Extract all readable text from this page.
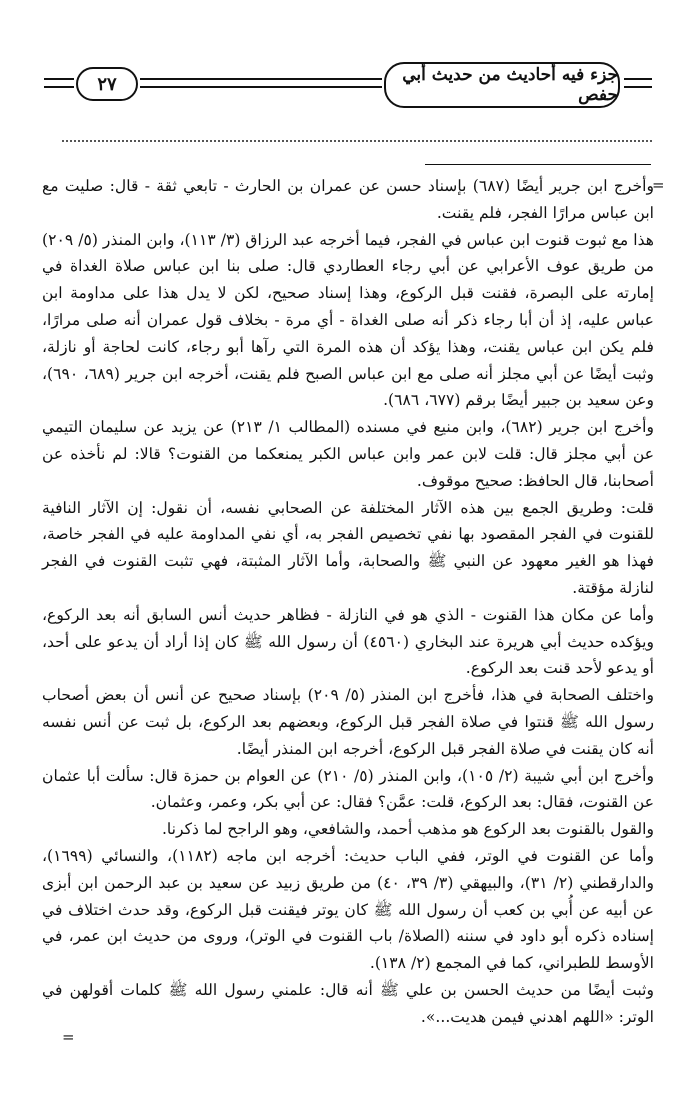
جزء فيه أحاديث من حديث أبي حفص
٢٧
=

وأخرج ابن جرير أيضًا (٦٨٧) بإسناد حسن عن عمران بن الحارث - تابعي ثقة - قال: صليت مع ابن عباس مرارًا الفجر، فلم يقنت.

هذا مع ثبوت قنوت ابن عباس في الفجر، فيما أخرجه عبد الرزاق (٣/ ١١٣)، وابن المنذر (٥/ ٢٠٩) من طريق عوف الأعرابي عن أبي رجاء العطاردي قال: صلى بنا ابن عباس صلاة الغداة في إمارته على البصرة، فقنت قبل الركوع، وهذا إسناد صحيح، لكن لا يدل هذا على مداومة ابن عباس عليه، إذ أن أبا رجاء ذكر أنه صلى الغداة - أي مرة - بخلاف قول عمران أنه صلى مرارًا، فلم يكن ابن عباس يقنت، وهذا يؤكد أن هذه المرة التي رآها أبو رجاء، كانت لحاجة أو نازلة، وثبت أيضًا عن أبي مجلز أنه صلى مع ابن عباس الصبح فلم يقنت، أخرجه ابن جرير (٦٨٩، ٦٩٠)، وعن سعيد بن جبير أيضًا برقم (٦٧٧، ٦٨٦).

وأخرج ابن جرير (٦٨٢)، وابن منيع في مسنده (المطالب ١/ ٢١٣) عن يزيد عن سليمان التيمي عن أبي مجلز قال: قلت لابن عمر وابن عباس الكبر يمنعكما من القنوت؟ قالا: لم نأخذه عن أصحابنا، قال الحافظ: صحيح موقوف.

قلت: وطريق الجمع بين هذه الآثار المختلفة عن الصحابي نفسه، أن نقول: إن الآثار النافية للقنوت في الفجر المقصود بها نفي تخصيص الفجر به، أي نفي المداومة عليه في الفجر خاصة، فهذا هو الغير معهود عن النبي ﷺ والصحابة، وأما الآثار المثبتة، فهي تثبت القنوت في الفجر لنازلة مؤقتة.

وأما عن مكان هذا القنوت - الذي هو في النازلة - فظاهر حديث أنس السابق أنه بعد الركوع، ويؤكده حديث أبي هريرة عند البخاري (٤٥٦٠) أن رسول الله ﷺ كان إذا أراد أن يدعو على أحد، أو يدعو لأحد قنت بعد الركوع.

واختلف الصحابة في هذا، فأخرج ابن المنذر (٥/ ٢٠٩) بإسناد صحيح عن أنس أن بعض أصحاب رسول الله ﷺ قنتوا في صلاة الفجر قبل الركوع، وبعضهم بعد الركوع، بل ثبت عن أنس نفسه أنه كان يقنت في صلاة الفجر قبل الركوع، أخرجه ابن المنذر أيضًا.

وأخرج ابن أبي شيبة (٢/ ١٠٥)، وابن المنذر (٥/ ٢١٠) عن العوام بن حمزة قال: سألت أبا عثمان عن القنوت، فقال: بعد الركوع، قلت: عمَّن؟ فقال: عن أبي بكر، وعمر، وعثمان.

والقول بالقنوت بعد الركوع هو مذهب أحمد، والشافعي، وهو الراجح لما ذكرنا.

وأما عن القنوت في الوتر، ففي الباب حديث: أخرجه ابن ماجه (١١٨٢)، والنسائي (١٦٩٩)، والدارقطني (٢/ ٣١)، والبيهقي (٣/ ٣٩، ٤٠) من طريق زبيد عن سعيد بن عبد الرحمن ابن أبزى عن أبيه عن أُبي بن كعب أن رسول الله ﷺ كان يوتر فيقنت قبل الركوع، وقد حدث اختلاف في إسناده ذكره أبو داود في سننه (الصلاة/ باب القنوت في الوتر)، وروى من حديث ابن عمر، في الأوسط للطبراني، كما في المجمع (٢/ ١٣٨).

وثبت أيضًا من حديث الحسن بن علي ﷺ أنه قال: علمني رسول الله ﷺ كلمات أقولهن في الوتر: «اللهم اهدني فيمن هديت...».

=
